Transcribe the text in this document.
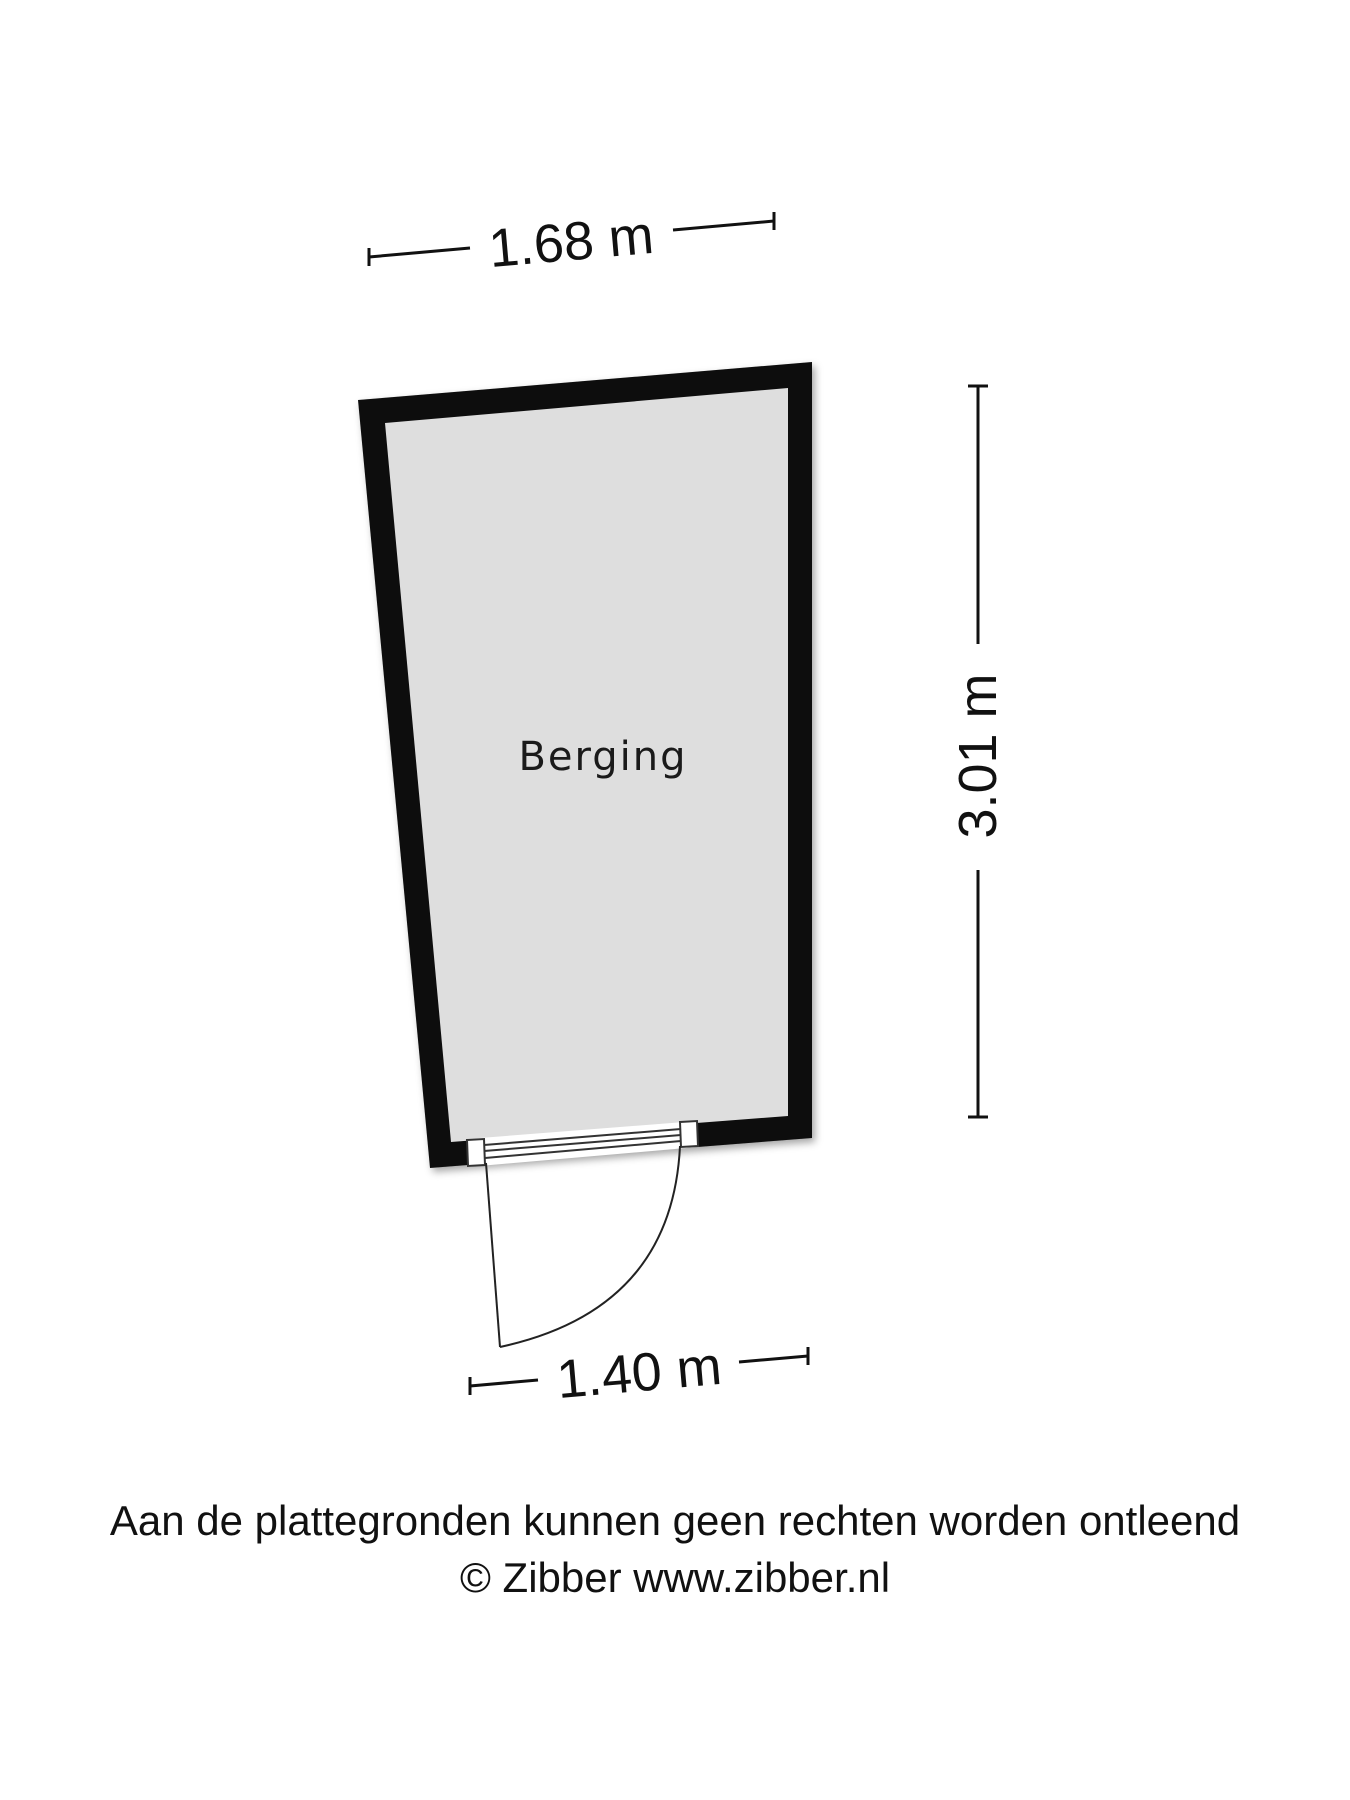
Berging
1.68 m
3.01 m
1.40 m
Aan de plattegronden kunnen geen rechten worden ontleend
© Zibber www.zibber.nl
